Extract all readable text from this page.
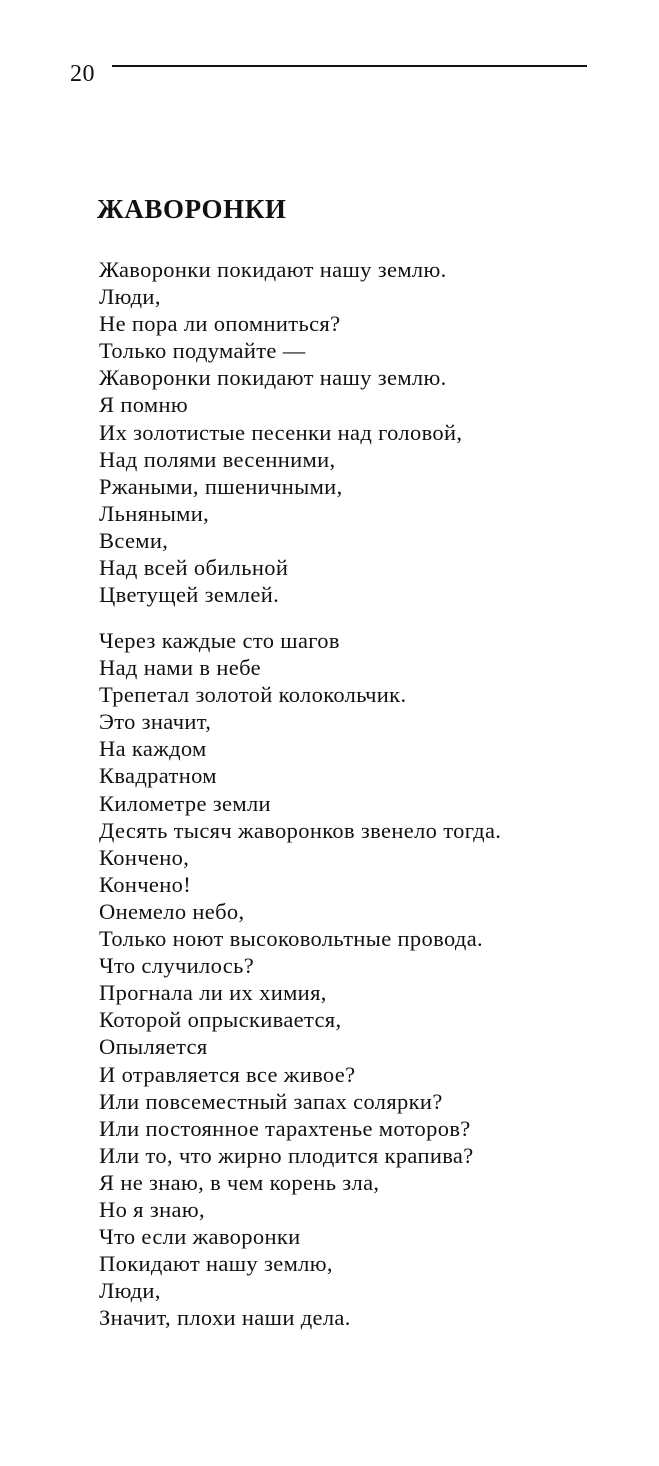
20
ЖАВОРОНКИ
Жаворонки покидают нашу землю.
Люди,
Не пора ли опомниться?
Только подумайте —
Жаворонки покидают нашу землю.
Я помню
Их золотистые песенки над головой,
Над полями весенними,
Ржаными, пшеничными,
Льняными,
Всеми,
Над всей обильной
Цветущей землей.
Через каждые сто шагов
Над нами в небе
Трепетал золотой колокольчик.
Это значит,
На каждом
Квадратном
Километре земли
Десять тысяч жаворонков звенело тогда.
Кончено,
Кончено!
Онемело небо,
Только ноют высоковольтные провода.
Что случилось?
Прогнала ли их химия,
Которой опрыскивается,
Опыляется
И отравляется все живое?
Или повсеместный запах солярки?
Или постоянное тарахтенье моторов?
Или то, что жирно плодится крапива?
Я не знаю, в чем корень зла,
Но я знаю,
Что если жаворонки
Покидают нашу землю,
Люди,
Значит, плохи наши дела.
